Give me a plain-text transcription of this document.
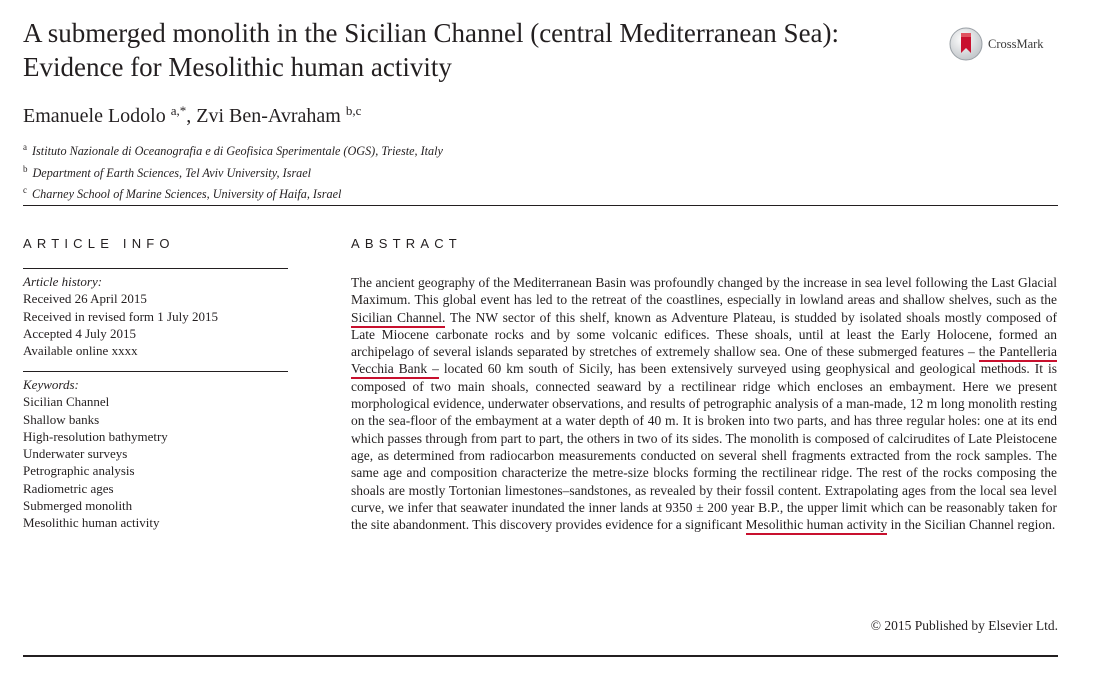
A submerged monolith in the Sicilian Channel (central Mediterranean Sea): Evidence for Mesolithic human activity
CrossMark
Emanuele Lodolo $^{a,*}$, Zvi Ben-Avraham $^{b,c}$
$^a$ Istituto Nazionale di Oceanografia e di Geofisica Sperimentale (OGS), Trieste, Italy
$^b$ Department of Earth Sciences, Tel Aviv University, Israel
$^c$ Charney School of Marine Sciences, University of Haifa, Israel
ARTICLE INFO
Article history:
Received 26 April 2015
Received in revised form 1 July 2015
Accepted 4 July 2015
Available online xxxx
Keywords:
Sicilian Channel
Shallow banks
High-resolution bathymetry
Underwater surveys
Petrographic analysis
Radiometric ages
Submerged monolith
Mesolithic human activity
ABSTRACT

The ancient geography of the Mediterranean Basin was profoundly changed by the increase in sea level following the Last Glacial Maximum. This global event has led to the retreat of the coastlines, especially in lowland areas and shallow shelves, such as the Sicilian Channel. The NW sector of this shelf, known as Adventure Plateau, is studded by isolated shoals mostly composed of Late Miocene carbonate rocks and by some volcanic edifices. These shoals, until at least the Early Holocene, formed an archipelago of several islands separated by stretches of extremely shallow sea. One of these submerged features – the Pantelleria Vecchia Bank – located 60 km south of Sicily, has been extensively surveyed using geophysical and geological methods. It is composed of two main shoals, connected seaward by a rectilinear ridge which encloses an embayment. Here we present morphological evidence, underwater observations, and results of petrographic analysis of a man-made, 12 m long monolith resting on the sea-floor of the embayment at a water depth of 40 m. It is broken into two parts, and has three regular holes: one at its end which passes through from part to part, the others in two of its sides. The monolith is composed of calcirudites of Late Pleistocene age, as determined from radiocarbon measurements conducted on several shell fragments extracted from the rock samples. The same age and composition characterize the metre-size blocks forming the rectilinear ridge. The rest of the rocks composing the shoals are mostly Tortonian limestones–sandstones, as revealed by their fossil content. Extrapolating ages from the local sea level curve, we infer that seawater inundated the inner lands at 9350 ± 200 year B.P., the upper limit which can be reasonably taken for the site abandonment. This discovery provides evidence for a significant Mesolithic human activity in the Sicilian Channel region.

© 2015 Published by Elsevier Ltd.
